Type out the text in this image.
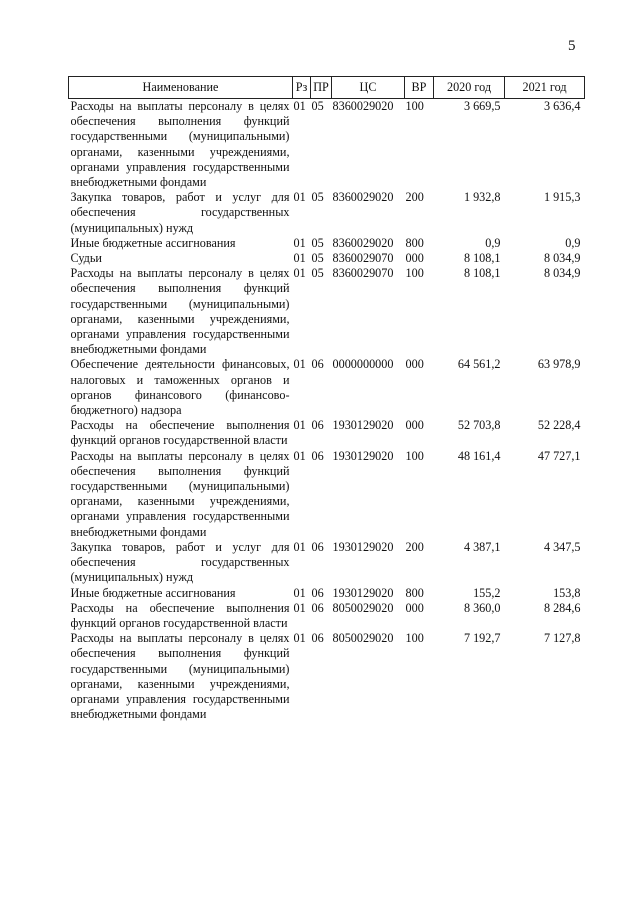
5
Наименование	Рз	ПР	ЦС	ВР	2020 год	2021 год
Расходы на выплаты персоналу в целях обеспечения выполнения функций государственными (муниципальными) органами, казенными учреждениями, органами управления государственными внебюджетными фондами	01	05	8360029020	100	3 669,5	3 636,4
Закупка товаров, работ и услуг для обеспечения государственных (муниципальных) нужд	01	05	8360029020	200	1 932,8	1 915,3
Иные бюджетные ассигнования	01	05	8360029020	800	0,9	0,9
Судьи	01	05	8360029070	000	8 108,1	8 034,9
Расходы на выплаты персоналу в целях обеспечения выполнения функций государственными (муниципальными) органами, казенными учреждениями, органами управления государственными внебюджетными фондами	01	05	8360029070	100	8 108,1	8 034,9
Обеспечение деятельности финансовых, налоговых и таможенных органов и органов финансового (финансово-бюджетного) надзора	01	06	0000000000	000	64 561,2	63 978,9
Расходы на обеспечение выполнения функций органов государственной власти	01	06	1930129020	000	52 703,8	52 228,4
Расходы на выплаты персоналу в целях обеспечения выполнения функций государственными (муниципальными) органами, казенными учреждениями, органами управления государственными внебюджетными фондами	01	06	1930129020	100	48 161,4	47 727,1
Закупка товаров, работ и услуг для обеспечения государственных (муниципальных) нужд	01	06	1930129020	200	4 387,1	4 347,5
Иные бюджетные ассигнования	01	06	1930129020	800	155,2	153,8
Расходы на обеспечение выполнения функций органов государственной власти	01	06	8050029020	000	8 360,0	8 284,6
Расходы на выплаты персоналу в целях обеспечения выполнения функций государственными (муниципальными) органами, казенными учреждениями, органами управления государственными внебюджетными фондами	01	06	8050029020	100	7 192,7	7 127,8
